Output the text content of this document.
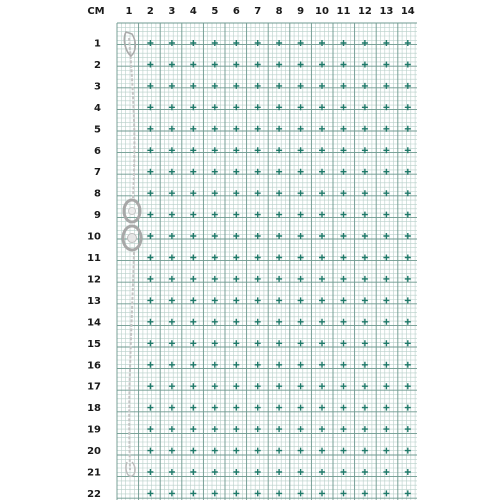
СМ 1 2 3 4 5 6 7 8 9 10 11 12 13 14
1
2
3
4
5
6
7
8
9
10
11
12
13
14
15
16
17
18
19
20
21
22
